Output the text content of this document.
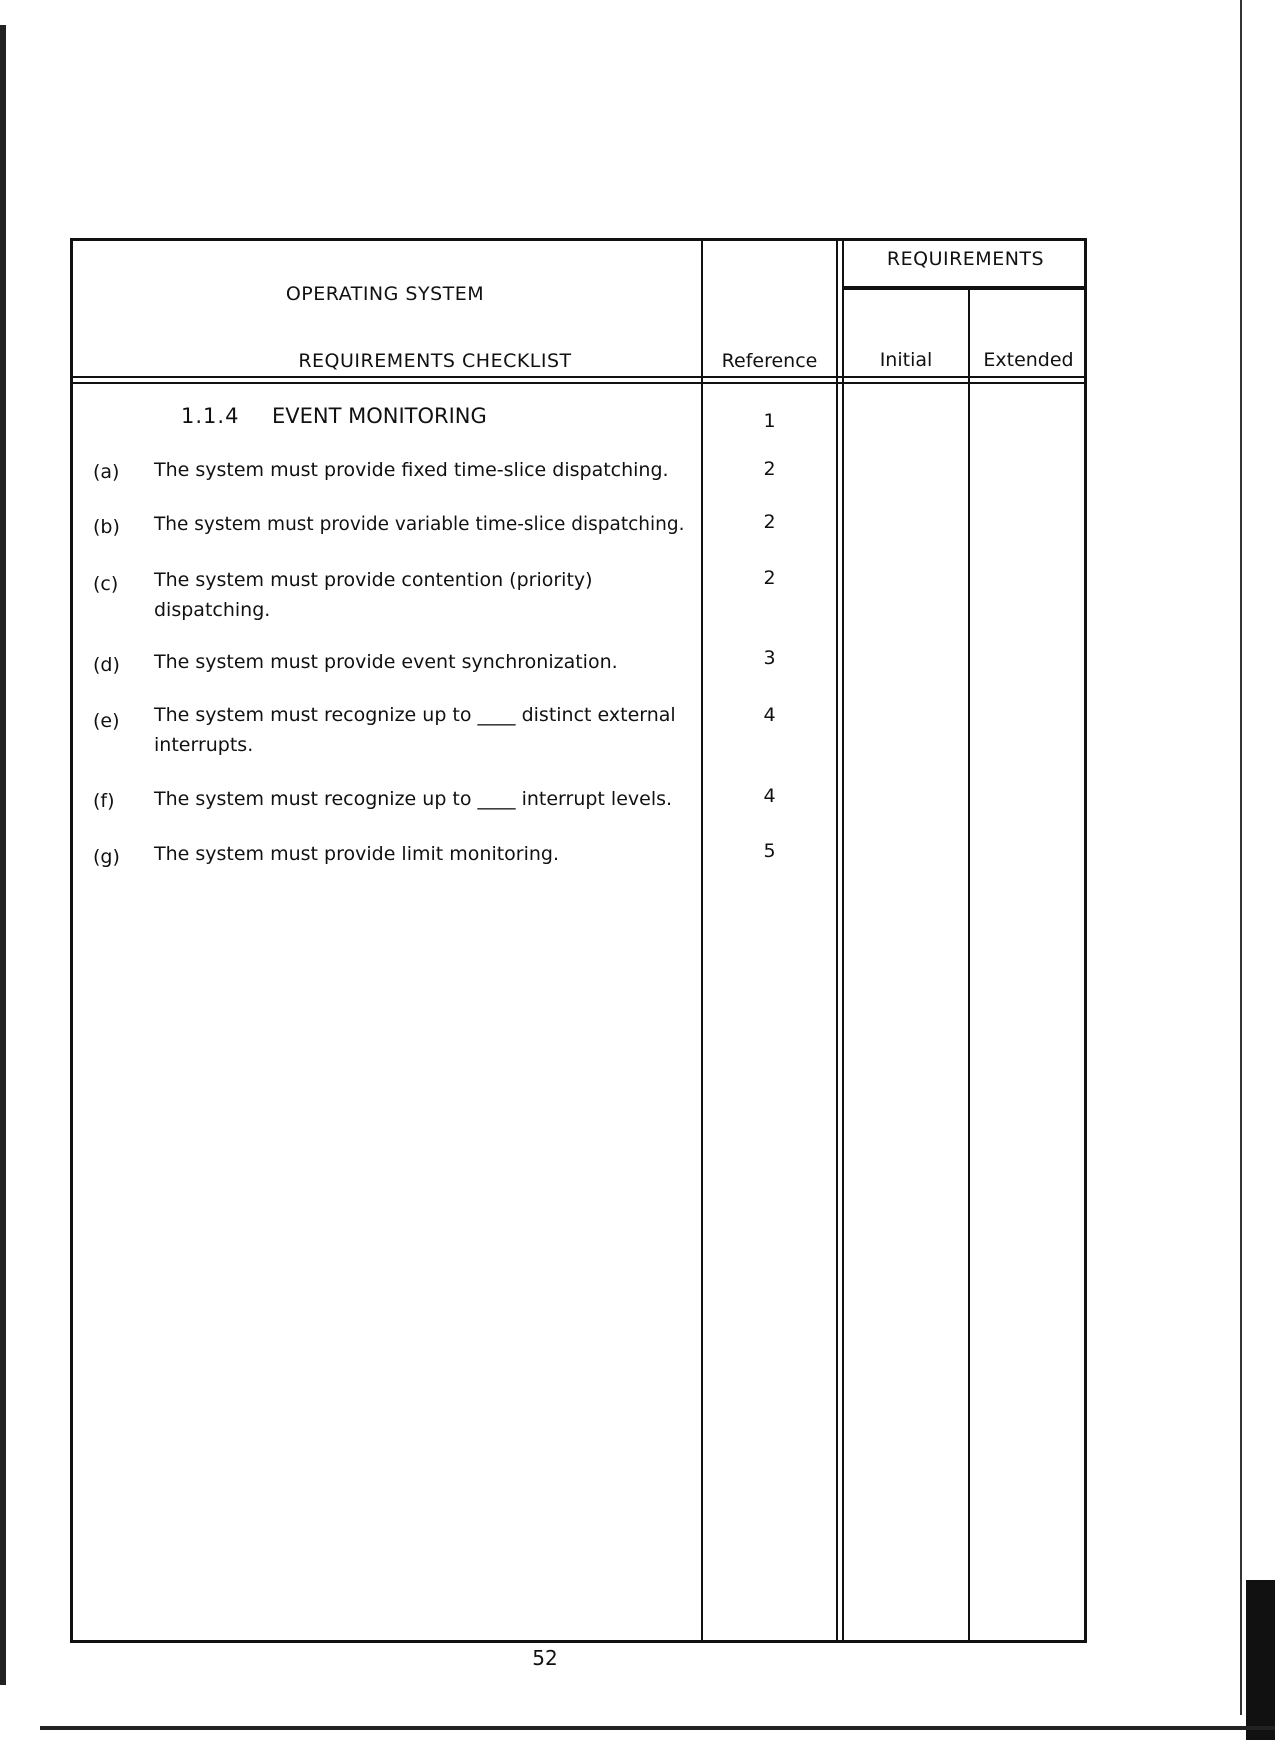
OPERATING SYSTEM
REQUIREMENTS CHECKLIST	Reference
REQUIREMENTS
Initial	Extended
1.1.4 EVENT MONITORING	1
(a) The system must provide fixed time-slice dispatching.	2
(b) The system must provide variable time-slice dispatching.	2
(c) The system must provide contention (priority)
dispatching.
2
(d) The system must provide event synchronization.	3
(e) The system must recognize up to ____ distinct external
interrupts.
4
(f) The system must recognize up to ____ interrupt levels.	4
(g) The system must provide limit monitoring.	5
52
